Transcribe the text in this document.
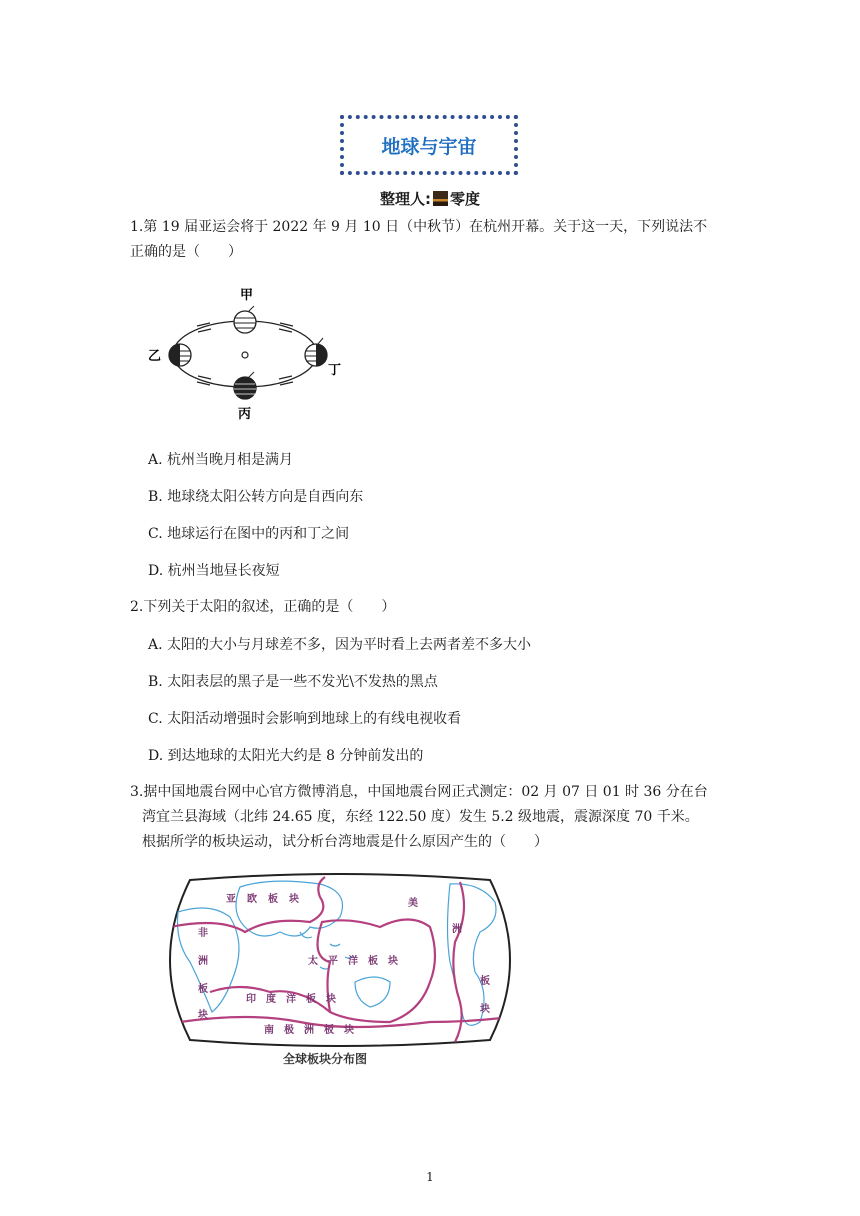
地球与宇宙
整理人: 零度
1.第 19 届亚运会将于 2022 年 9 月 10 日（中秋节）在杭州开幕。关于这一天，下列说法不
正确的是（　　）
甲
乙
丙
丁
A. 杭州当晚月相是满月
B. 地球绕太阳公转方向是自西向东
C. 地球运行在图中的丙和丁之间
D. 杭州当地昼长夜短
2.下列关于太阳的叙述，正确的是（　　）
A. 太阳的大小与月球差不多，因为平时看上去两者差不多大小
B. 太阳表层的黑子是一些不发光\不发热的黑点
C. 太阳活动增强时会影响到地球上的有线电视收看
D. 到达地球的太阳光大约是 8 分钟前发出的
3.据中国地震台网中心官方微博消息，中国地震台网正式测定：02 月 07 日 01 时 36 分在台
湾宜兰县海域（北纬 24.65 度，东经 122.50 度）发生 5.2 级地震，震源深度 70 千米。
根据所学的板块运动，试分析台湾地震是什么原因产生的（　　）
亚 欧 板 块	美
洲
板
块
非
洲
板
块
太 平 洋 板 块
印 度 洋 板 块
南 极 洲 板 块
全球板块分布图
1
